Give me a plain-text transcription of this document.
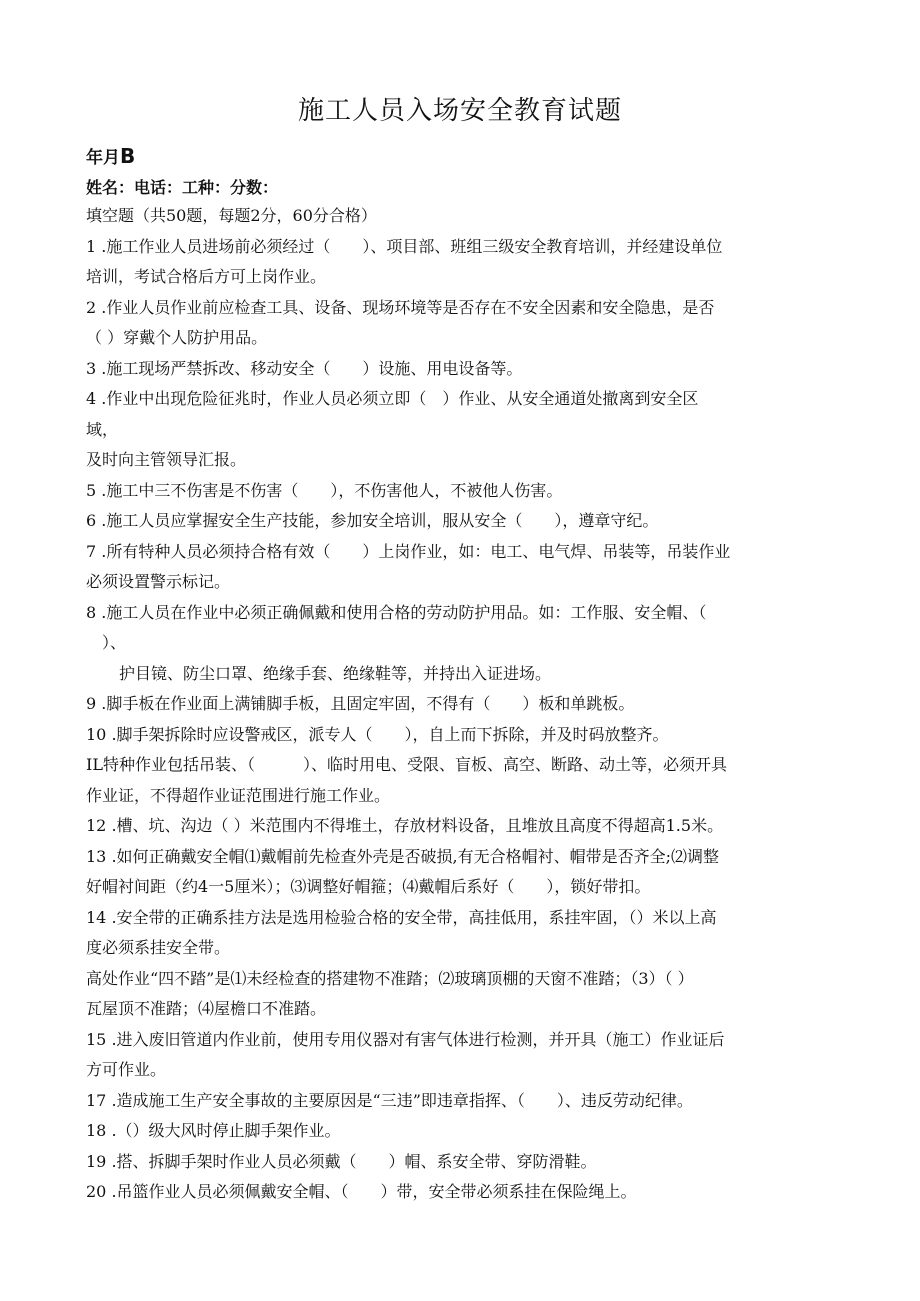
施工人员入场安全教育试题
年月B
姓名：电话：工种：分数：
填空题（共50题，每题2分，60分合格）
1 .施工作业人员进场前必须经过（　　）、项目部、班组三级安全教育培训，并经建设单位
培训，考试合格后方可上岗作业。
2 .作业人员作业前应检查工具、设备、现场环境等是否存在不安全因素和安全隐患，是否
（ ）穿戴个人防护用品。
3 .施工现场严禁拆改、移动安全（　　）设施、用电设备等。
4 .作业中出现危险征兆时，作业人员必须立即（　）作业、从安全通道处撤离到安全区
域，
及时向主管领导汇报。
5 .施工中三不伤害是不伤害（　　），不伤害他人，不被他人伤害。
6 .施工人员应掌握安全生产技能，参加安全培训，服从安全（　　），遵章守纪。
7 .所有特种人员必须持合格有效（　　）上岗作业，如：电工、电气焊、吊装等，吊装作业
必须设置警示标记。
8 .施工人员在作业中必须正确佩戴和使用合格的劳动防护用品。如：工作服、安全帽、（
　）、
护目镜、防尘口罩、绝缘手套、绝缘鞋等，并持出入证进场。
9 .脚手板在作业面上满铺脚手板，且固定牢固，不得有（　　）板和单跳板。
10 .脚手架拆除时应设警戒区，派专人（　　），自上而下拆除，并及时码放整齐。
IL特种作业包括吊装、（　　　）、临时用电、受限、盲板、高空、断路、动土等，必须开具
作业证，不得超作业证范围进行施工作业。
12 .槽、坑、沟边（ ）米范围内不得堆土，存放材料设备，且堆放且高度不得超高1.5米。
13 .如何正确戴安全帽⑴戴帽前先检查外壳是否破损,有无合格帽衬、帽带是否齐全;⑵调整
好帽衬间距（约4一5厘米）；⑶调整好帽箍；⑷戴帽后系好（　　），锁好带扣。
14 .安全带的正确系挂方法是选用检验合格的安全带，高挂低用，系挂牢固，（）米以上高
度必须系挂安全带。
高处作业“四不踏”是⑴未经检查的搭建物不准踏；⑵玻璃顶棚的天窗不准踏；（3）（ ）
瓦屋顶不准踏；⑷屋檐口不准踏。
15 .进入废旧管道内作业前，使用专用仪器对有害气体进行检测，并开具（施工）作业证后
方可作业。
17 .造成施工生产安全事故的主要原因是“三违”即违章指挥、（　　）、违反劳动纪律。
18 .（）级大风时停止脚手架作业。
19 .搭、拆脚手架时作业人员必须戴（　　）帽、系安全带、穿防滑鞋。
20 .吊篮作业人员必须佩戴安全帽、（　　）带，安全带必须系挂在保险绳上。
